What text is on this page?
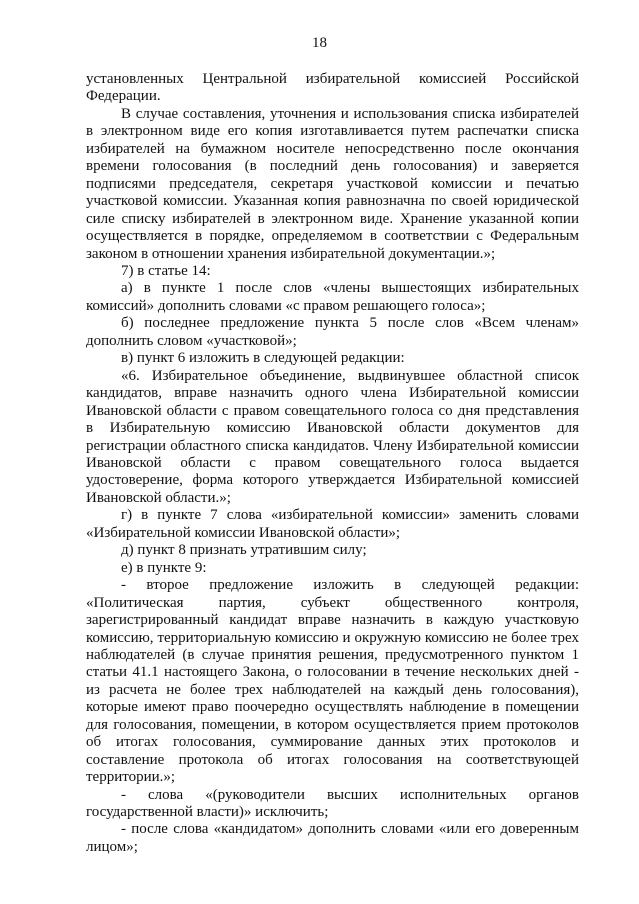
18

установленных Центральной избирательной комиссией Российской Федерации.

В случае составления, уточнения и использования списка избирателей в электронном виде его копия изготавливается путем распечатки списка избирателей на бумажном носителе непосредственно после окончания времени голосования (в последний день голосования) и заверяется подписями председателя, секретаря участковой комиссии и печатью участковой комиссии. Указанная копия равнозначна по своей юридической силе списку избирателей в электронном виде. Хранение указанной копии осуществляется в порядке, определяемом в соответствии с Федеральным законом в отношении хранения избирательной документации.»;

7) в статье 14:

а) в пункте 1 после слов «члены вышестоящих избирательных комиссий» дополнить словами «с правом решающего голоса»;

б) последнее предложение пункта 5 после слов «Всем членам» дополнить словом «участковой»;

в) пункт 6 изложить в следующей редакции:

«6. Избирательное объединение, выдвинувшее областной список кандидатов, вправе назначить одного члена Избирательной комиссии Ивановской области с правом совещательного голоса со дня представления в Избирательную комиссию Ивановской области документов для регистрации областного списка кандидатов. Члену Избирательной комиссии Ивановской области с правом совещательного голоса выдается удостоверение, форма которого утверждается Избирательной комиссией Ивановской области.»;

г) в пункте 7 слова «избирательной комиссии» заменить словами «Избирательной комиссии Ивановской области»;

д) пункт 8 признать утратившим силу;

е) в пункте 9:

- второе предложение изложить в следующей редакции: «Политическая партия, субъект общественного контроля, зарегистрированный кандидат вправе назначить в каждую участковую комиссию, территориальную комиссию и окружную комиссию не более трех наблюдателей (в случае принятия решения, предусмотренного пунктом 1 статьи 41.1 настоящего Закона, о голосовании в течение нескольких дней - из расчета не более трех наблюдателей на каждый день голосования), которые имеют право поочередно осуществлять наблюдение в помещении для голосования, помещении, в котором осуществляется прием протоколов об итогах голосования, суммирование данных этих протоколов и составление протокола об итогах голосования на соответствующей территории.»;

- слова «(руководители высших исполнительных органов государственной власти)» исключить;

- после слова «кандидатом» дополнить словами «или его доверенным лицом»;
